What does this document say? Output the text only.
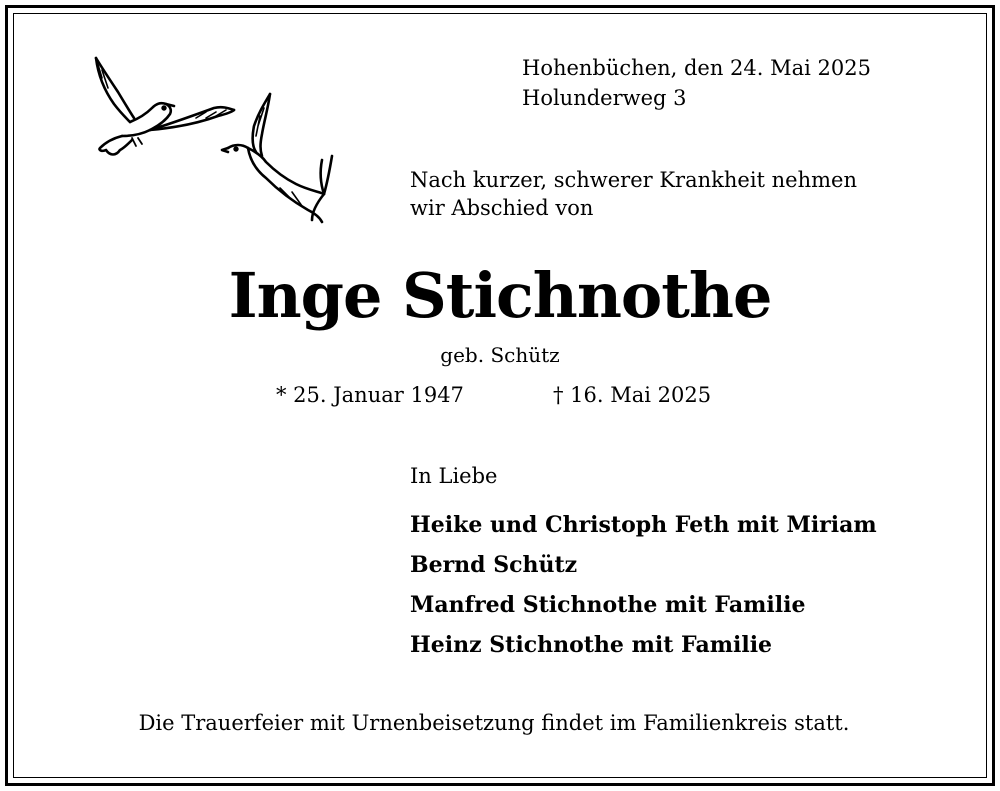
Hohenbüchen, den 24. Mai 2025
Holunderweg 3
Nach kurzer, schwerer Krankheit nehmen
wir Abschied von
Inge Stichnothe
geb. Schütz
* 25. Januar 1947	† 16. Mai 2025
In Liebe
Heike und Christoph Feth mit Miriam
Bernd Schütz
Manfred Stichnothe mit Familie
Heinz Stichnothe mit Familie
Die Trauerfeier mit Urnenbeisetzung findet im Familienkreis statt.
